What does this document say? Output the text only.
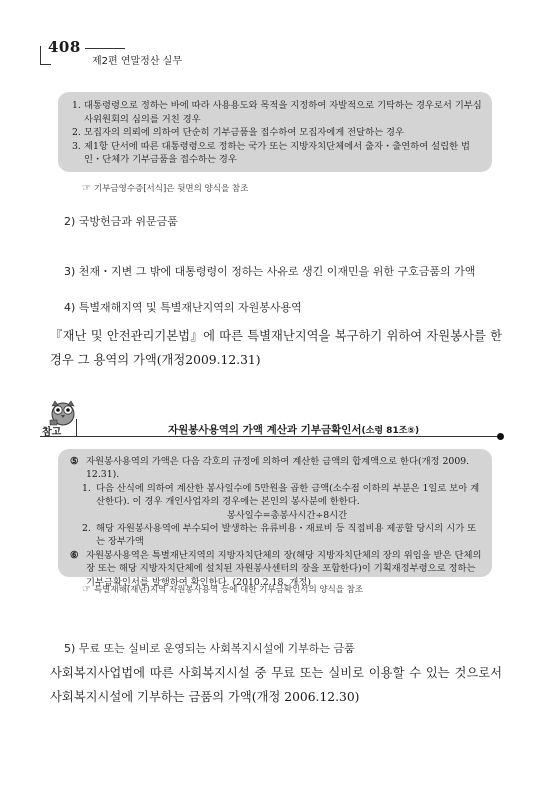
408
제2편 연말정산 실무
1. 대통령령으로 정하는 바에 따라 사용용도와 목적을 지정하여 자발적으로 기탁하는 경우로서 기부심사위원회의 심의를 거친 경우
2. 모집자의 의뢰에 의하여 단순히 기부금품을 접수하여 모집자에게 전달하는 경우
3. 제1항 단서에 따른 대통령령으로 정하는 국가 또는 지방자치단체에서 출자・출연하여 설립한 법인・단체가 기부금품을 접수하는 경우
☞ 기부금영수증[서식]은 뒷면의 양식을 참조
2) 국방헌금과 위문금품
3) 천재・지변 그 밖에 대통령령이 정하는 사유로 생긴 이재민을 위한 구호금품의 가액
4) 특별재해지역 및 특별재난지역의 자원봉사용역
『재난 및 안전관리기본법』에 따른 특별재난지역을 복구하기 위하여 자원봉사를 한 경우 그 용역의 가액(개정2009.12.31)
참고	자원봉사용역의 가액 계산과 기부금확인서(소령 81조⑤)
⑤ 자원봉사용역의 가액은 다음 각호의 규정에 의하여 계산한 금액의 합계액으로 한다(개정 2009. 12.31).
1. 다음 산식에 의하여 계산한 봉사일수에 5만원을 곱한 금액(소수점 이하의 부분은 1일로 보아 계산한다). 이 경우 개인사업자의 경우에는 본인의 봉사분에 한한다.
봉사일수=총봉사시간÷8시간
2. 해당 자원봉사용역에 부수되어 발생하는 유류비용・재료비 등 직접비용 제공할 당시의 시가 또는 장부가액
⑥ 자원봉사용역은 특별재난지역의 지방자치단체의 장(해당 지방자치단체의 장의 위임을 받은 단체의 장 또는 해당 지방자치단체에 설치된 자원봉사센터의 장을 포함한다)이 기획재정부령으로 정하는 기부금확인서를 발행하여 확인한다. (2010.2.18. 개정)
☞ 특별재해(재난)지역 자원봉사용역 등에 대한 기부금확인서의 양식을 참조
5) 무료 또는 실비로 운영되는 사회복지시설에 기부하는 금품
사회복지사업법에 따른 사회복지시설 중 무료 또는 실비로 이용할 수 있는 것으로서 사회복지시설에 기부하는 금품의 가액(개정 2006.12.30)
